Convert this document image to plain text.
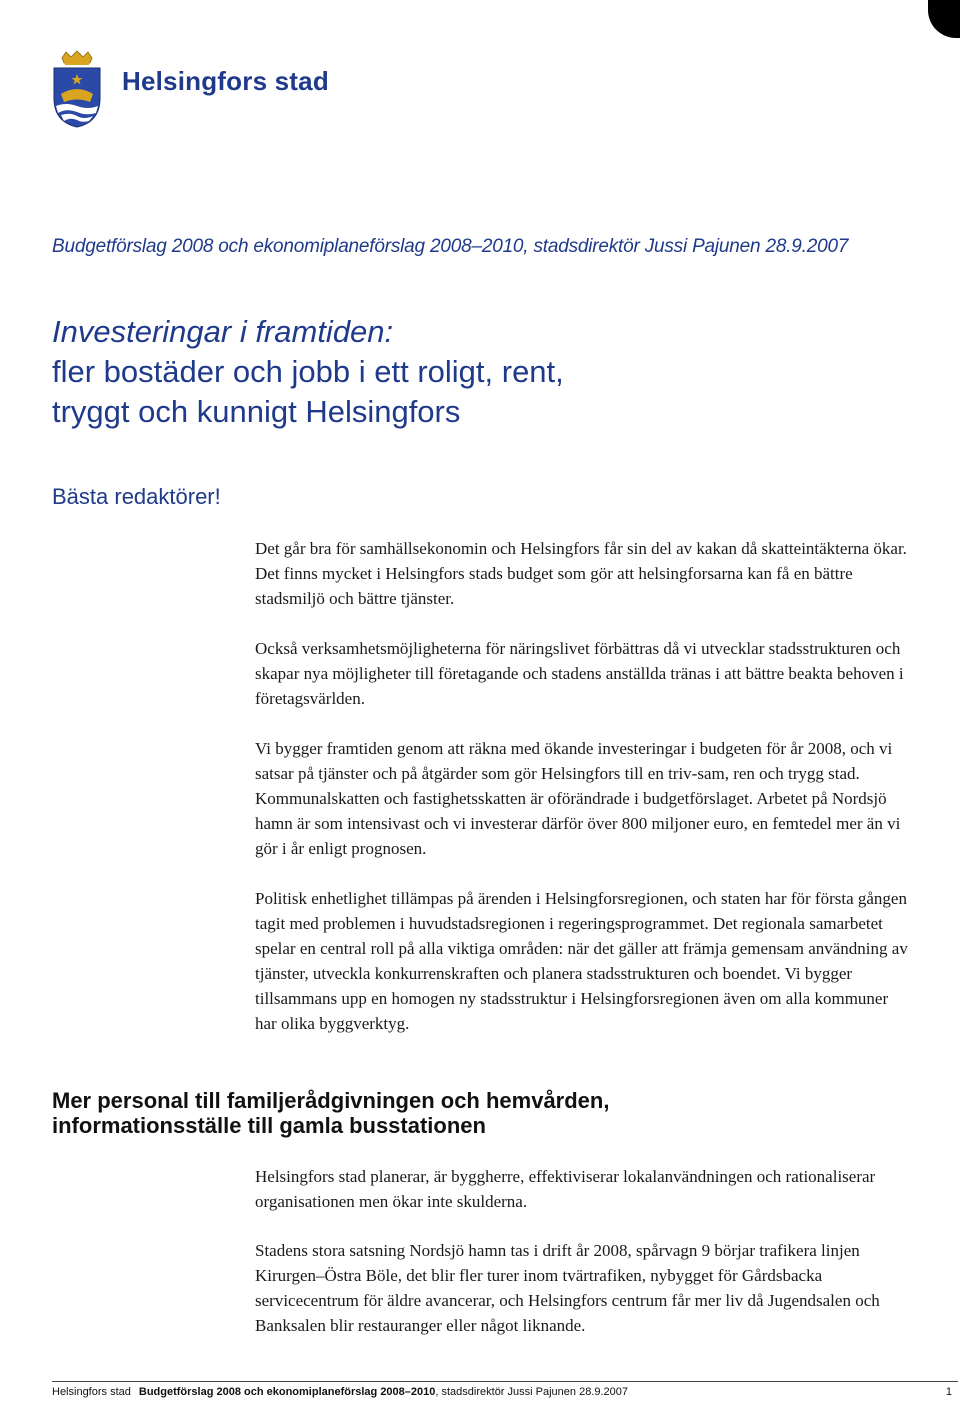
Helsingfors stad
Budgetförslag 2008 och ekonomiplaneförslag 2008–2010, stadsdirektör Jussi Pajunen 28.9.2007
Investeringar i framtiden:
fler bostäder och jobb i ett roligt, rent,
tryggt och kunnigt Helsingfors
Bästa redaktörer!

Det går bra för samhällsekonomin och Helsingfors får sin del av kakan då skatteintäkterna ökar. Det finns mycket i Helsingfors stads budget som gör att helsingforsarna kan få en bättre stadsmiljö och bättre tjänster.

Också verksamhetsmöjligheterna för näringslivet förbättras då vi utvecklar stadsstrukturen och skapar nya möjligheter till företagande och stadens anställda tränas i att bättre beakta behoven i företagsvärlden.

Vi bygger framtiden genom att räkna med ökande investeringar i budgeten för år 2008, och vi satsar på tjänster och på åtgärder som gör Helsingfors till en triv-sam, ren och trygg stad. Kommunalskatten och fastighetsskatten är oförändrade i budgetförslaget. Arbetet på Nordsjö hamn är som intensivast och vi investerar därför över 800 miljoner euro, en femtedel mer än vi gör i år enligt prognosen.

Politisk enhetlighet tillämpas på ärenden i Helsingforsregionen, och staten har för första gången tagit med problemen i huvudstadsregionen i regeringsprogrammet. Det regionala samarbetet spelar en central roll på alla viktiga områden: när det gäller att främja gemensam användning av tjänster, utveckla konkurrenskraften och planera stadsstrukturen och boendet. Vi bygger tillsammans upp en homogen ny stadsstruktur i Helsingforsregionen även om alla kommuner har olika byggverktyg.

Mer personal till familjerådgivningen och hemvården,
informationsställe till gamla busstationen

Helsingfors stad planerar, är byggherre, effektiviserar lokalanvändningen och rationaliserar organisationen men ökar inte skulderna.

Stadens stora satsning Nordsjö hamn tas i drift år 2008, spårvagn 9 börjar trafikera linjen Kirurgen–Östra Böle, det blir fler turer inom tvärtrafiken, nybygget för Gårdsbacka servicecentrum för äldre avancerar, och Helsingfors centrum får mer liv då Jugendsalen och Banksalen blir restauranger eller något liknande.

Helsingfors stad Budgetförslag 2008 och ekonomiplaneförslag 2008–2010, stadsdirektör Jussi Pajunen 28.9.2007	1
